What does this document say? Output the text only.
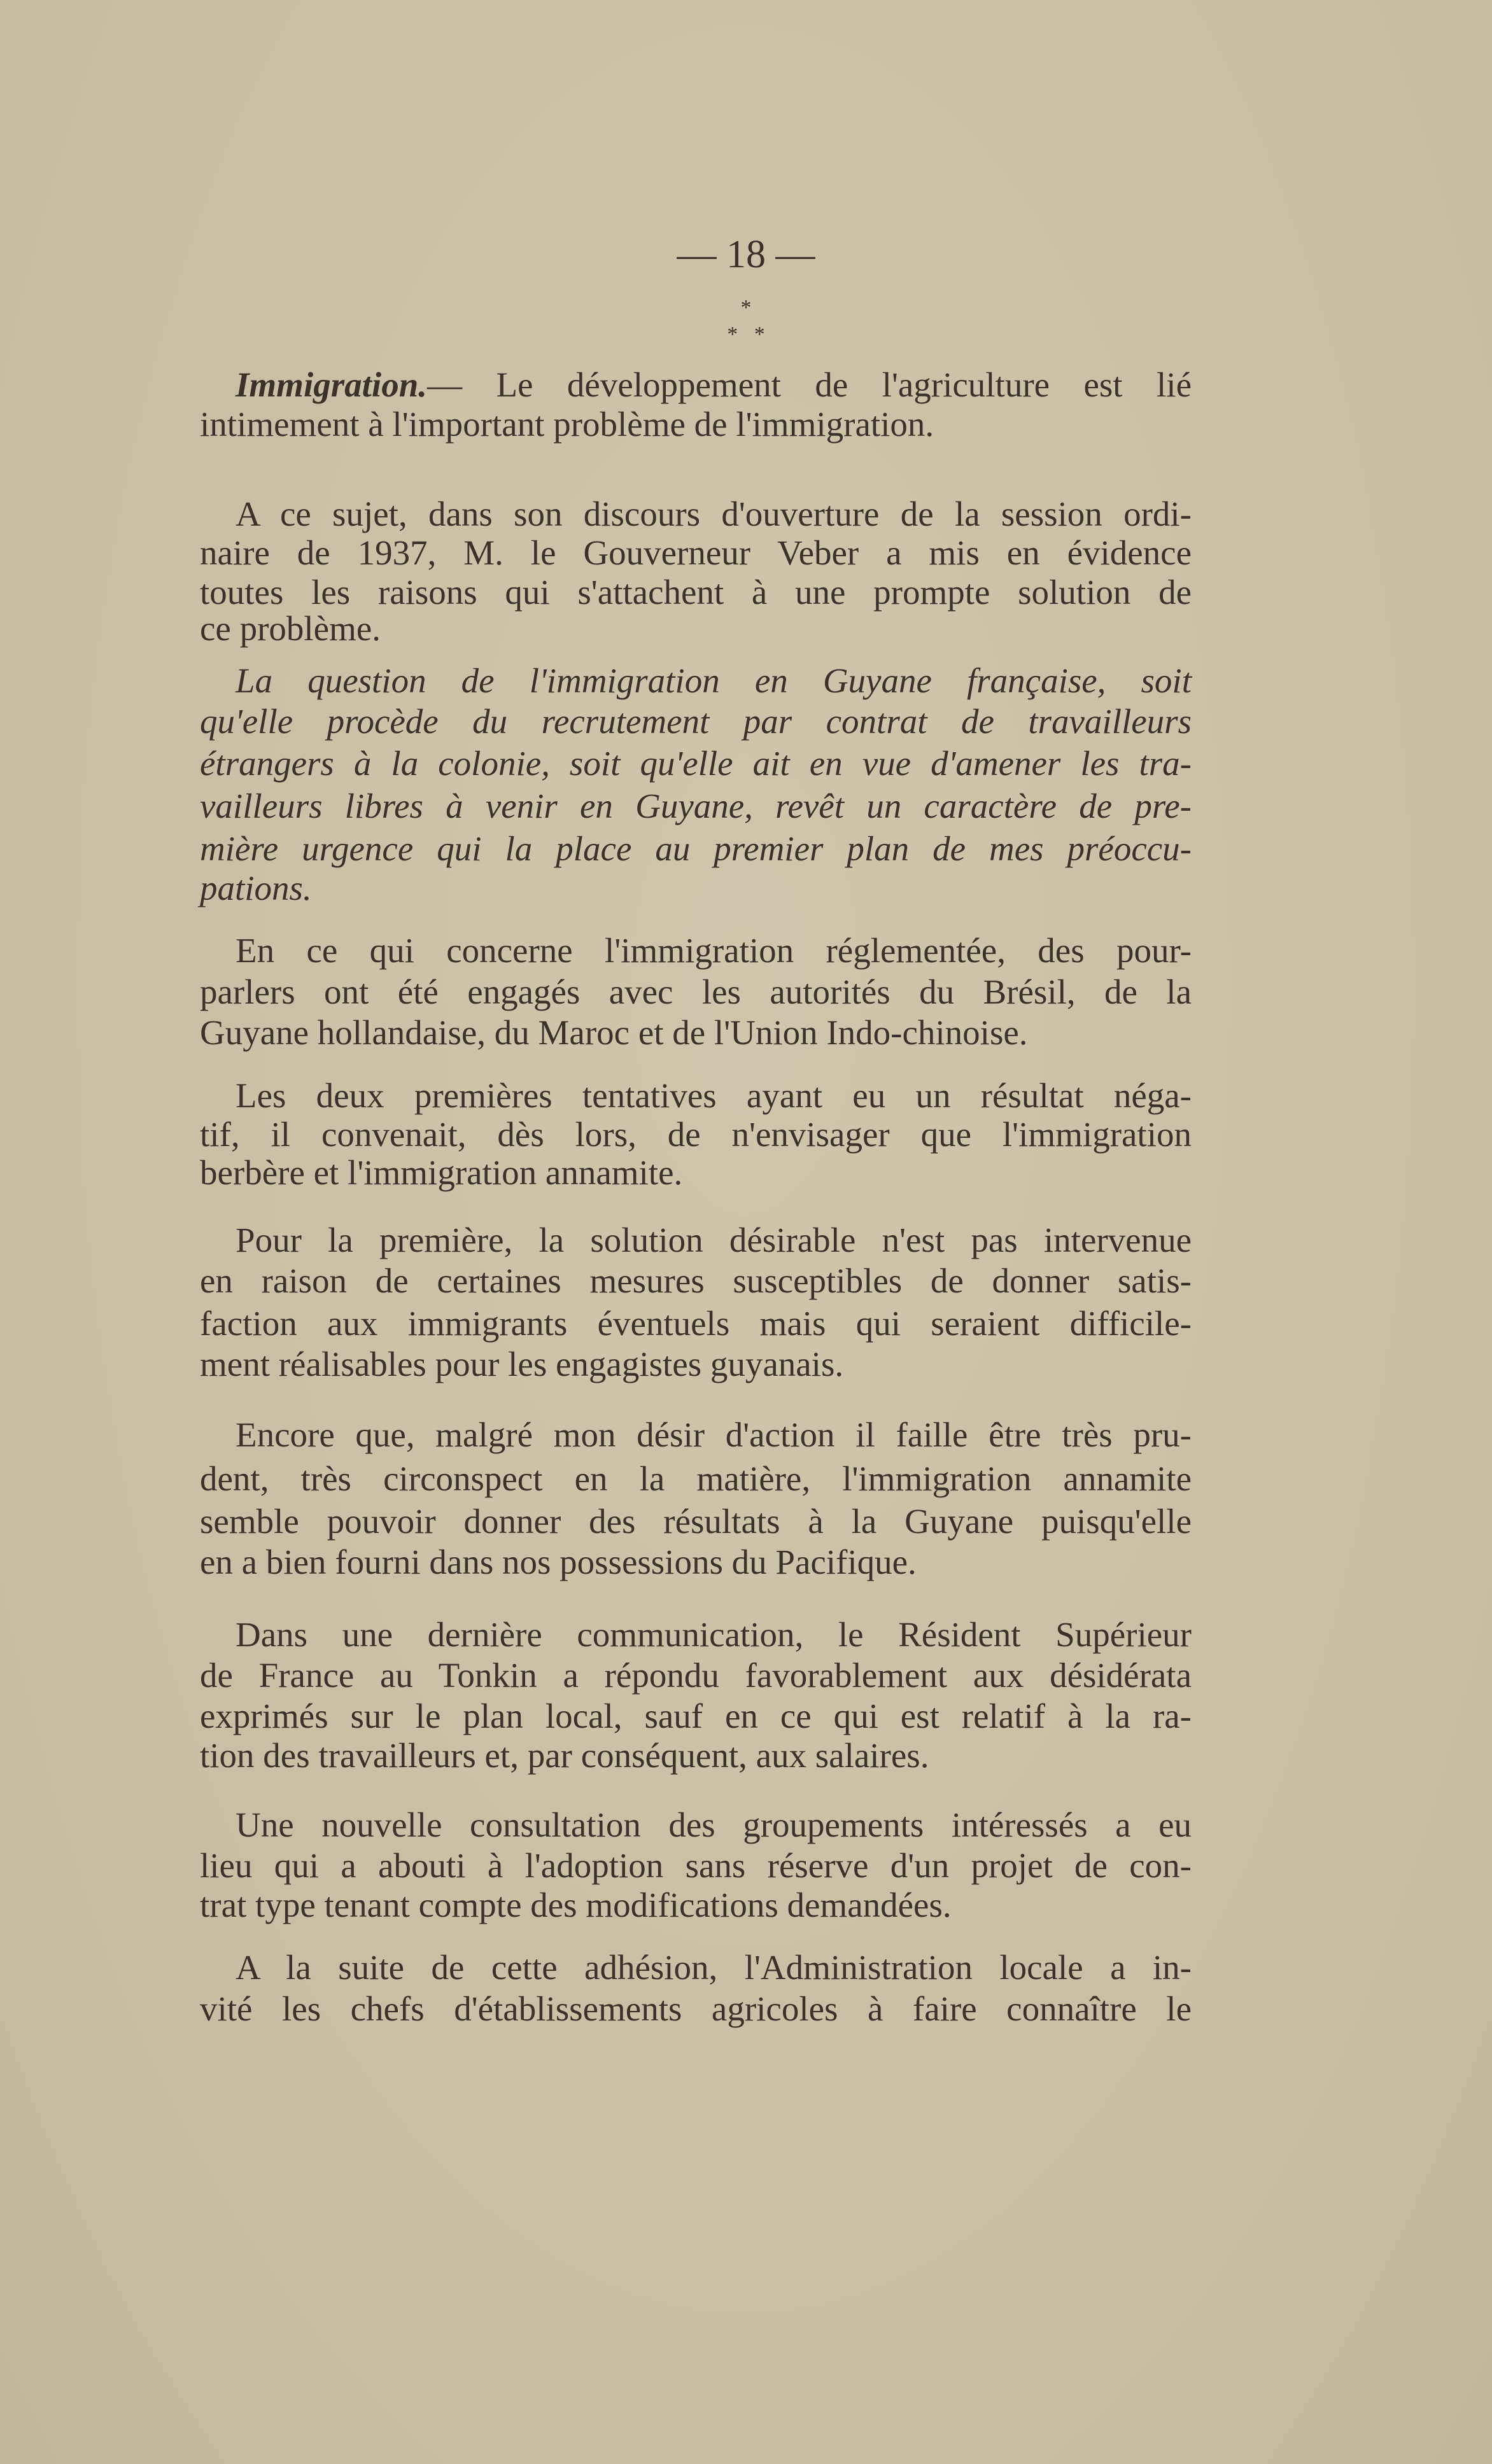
— 18 —
*
*   *
Immigration.— Le développement de l'agriculture est lié
intimement à l'important problème de l'immigration.
A ce sujet, dans son discours d'ouverture de la session ordi-
naire de 1937, M. le Gouverneur Veber a mis en évidence
toutes les raisons qui s'attachent à une prompte solution de
ce problème.
La question de l'immigration en Guyane française, soit
qu'elle procède du recrutement par contrat de travailleurs
étrangers à la colonie, soit qu'elle ait en vue d'amener les tra-
vailleurs libres à venir en Guyane, revêt un caractère de pre-
mière urgence qui la place au premier plan de mes préoccu-
pations.
En ce qui concerne l'immigration réglementée, des pour-
parlers ont été engagés avec les autorités du Brésil, de la
Guyane hollandaise, du Maroc et de l'Union Indo-chinoise.
Les deux premières tentatives ayant eu un résultat néga-
tif, il convenait, dès lors, de n'envisager que l'immigration
berbère et l'immigration annamite.
Pour la première, la solution désirable n'est pas intervenue
en raison de certaines mesures susceptibles de donner satis-
faction aux immigrants éventuels mais qui seraient difficile-
ment réalisables pour les engagistes guyanais.
Encore que, malgré mon désir d'action il faille être très pru-
dent, très circonspect en la matière, l'immigration annamite
semble pouvoir donner des résultats à la Guyane puisqu'elle
en a bien fourni dans nos possessions du Pacifique.
Dans une dernière communication, le Résident Supérieur
de France au Tonkin a répondu favorablement aux désidérata
exprimés sur le plan local, sauf en ce qui est relatif à la ra-
tion des travailleurs et, par conséquent, aux salaires.
Une nouvelle consultation des groupements intéressés a eu
lieu qui a abouti à l'adoption sans réserve d'un projet de con-
trat type tenant compte des modifications demandées.
A la suite de cette adhésion, l'Administration locale a in-
vité les chefs d'établissements agricoles à faire connaître le
